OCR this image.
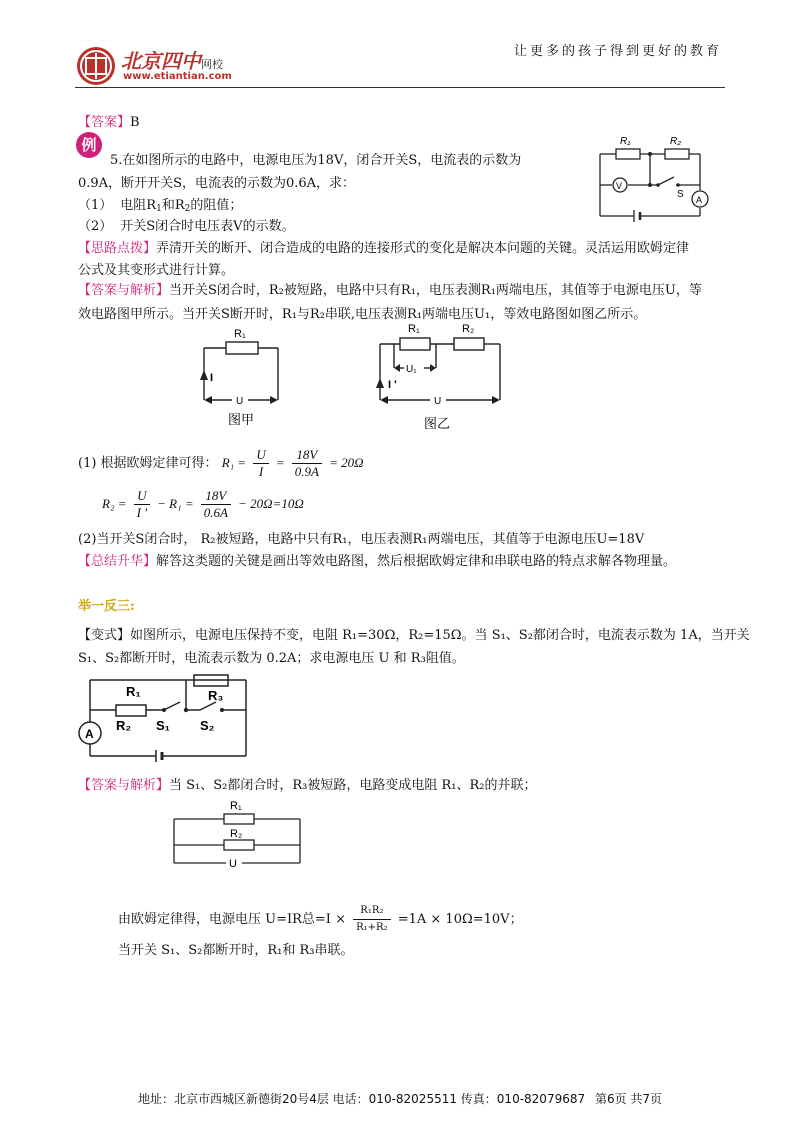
北京四中网校
www.etiantian.com
让更多的孩子得到更好的教育
【答案】B
例
5.在如图所示的电路中，电源电压为18V，闭合开关S，电流表的示数为
0.9A，断开开关S，电流表的示数为0.6A，求：
（1） 电阻$R_1$和$R_2$的阻值；
（2） 开关S闭合时电压表V的示数。
R₁	R₂
V
S A
【思路点拨】弄清开关的断开、闭合造成的电路的连接形式的变化是解决本问题的关键。灵活运用欧姆定律
公式及其变形式进行计算。
【答案与解析】当开关S闭合时，R₂被短路，电路中只有R₁，电压表测R₁两端电压，其值等于电源电压U，等
效电路图甲所示。当开关S断开时，R₁与R₂串联,电压表测R₁两端电压U₁，等效电路图如图乙所示。
R₁
I
U
图甲
R₁	R₂
U₁
I '
U
图乙
(1) 根据欧姆定律可得： $R_1 = \frac{U}{I} = \frac{18V}{0.9A} = 20\Omega$
$R_2 = \frac{U}{I '} - R_1 = \frac{18V}{0.6A} - 20\Omega=10\Omega$
(2)当开关S闭合时， R₂被短路，电路中只有R₁，电压表测R₁两端电压，其值等于电源电压U=18V
【总结升华】解答这类题的关键是画出等效电路图，然后根据欧姆定律和串联电路的特点求解各物理量。
举一反三:
【变式】如图所示，电源电压保持不变，电阻 R₁=30Ω，R₂=15Ω。当 S₁、S₂都闭合时，电流表示数为 1A，当开关
S₁、S₂都断开时，电流表示数为 0.2A；求电源电压 U 和 R₃阻值。
R₁
R₂
R₃
S₁ S₂
A
【答案与解析】当 S₁、S₂都闭合时，R₃被短路，电路变成电阻 R₁、R₂的并联；
R₁
R₂
U
由欧姆定律得，电源电压 U=IR总$=I \times \frac{\text{R₁R₂}}{\text{R₁+R₂}} =1A \times 10\Omega=10V$；
当开关 S₁、S₂都断开时，R₁和 R₃串联。
地址：北京市西城区新德街20号4层 电话：010-82025511 传真：010-82079687 第6页 共7页
